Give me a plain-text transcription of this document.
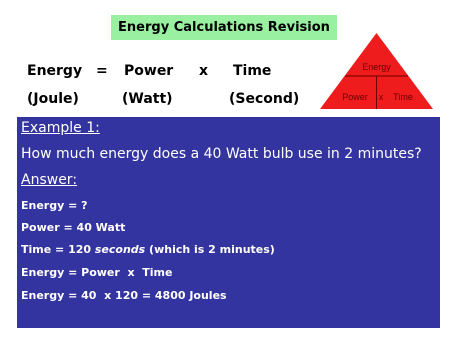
Energy Calculations Revision
Energy = Power x Time
(Joule)	(Watt)	(Second)
Energy
Power x Time
Example 1:
How much energy does a 40 Watt bulb use in 2 minutes?
Answer:
Energy = ?
Power = 40 Watt
Time = 120 seconds (which is 2 minutes)
Energy = Power  x  Time
Energy = 40  x 120 = 4800 Joules
